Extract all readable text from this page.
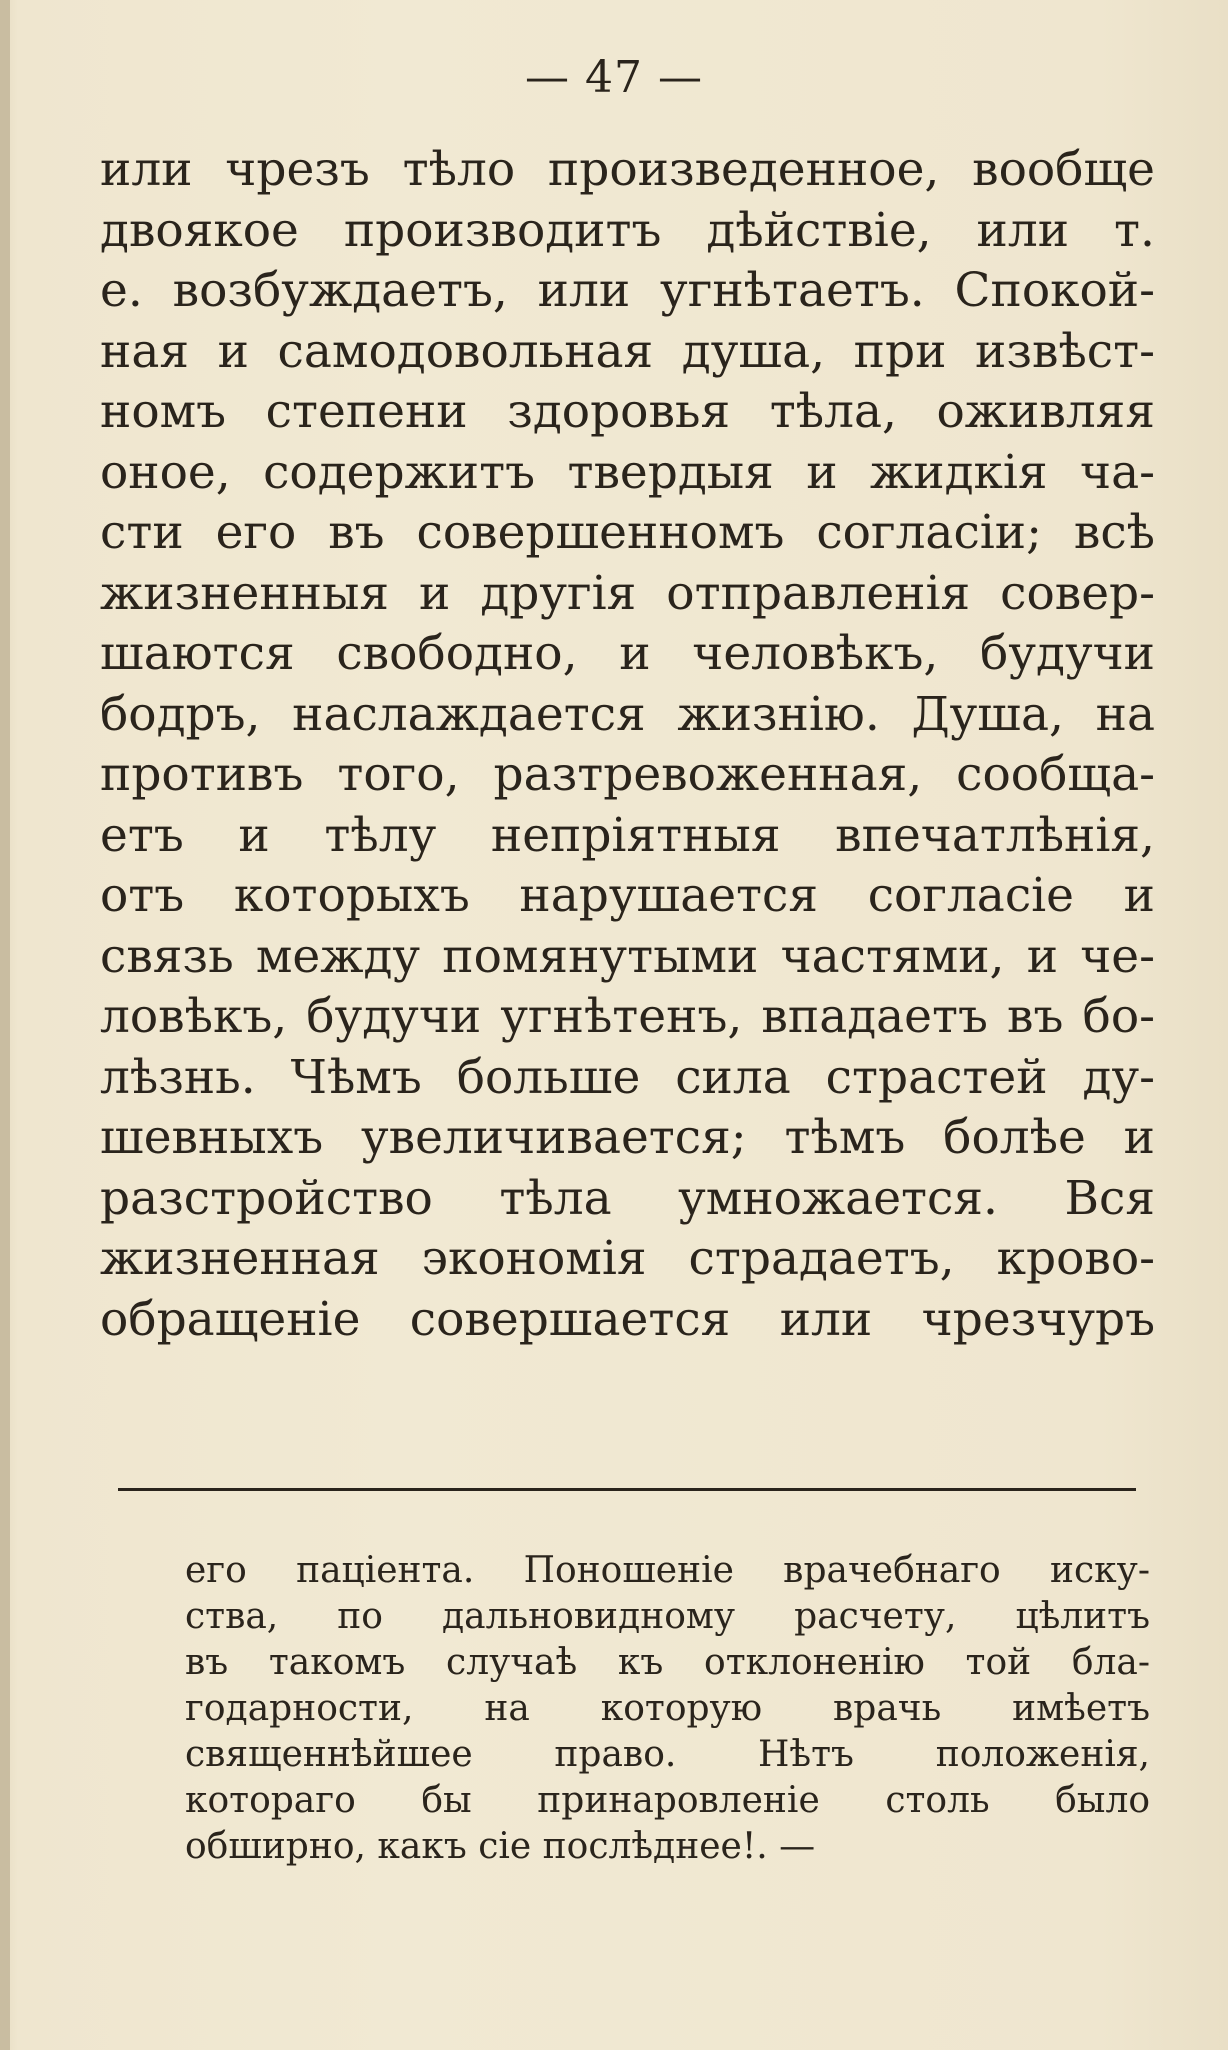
— 47 —
или чрезъ тѣло произведенное, вообще
двоякое производитъ дѣйствіе, или т.
е. возбуждаетъ, или угнѣтаетъ. Спокой-
ная и самодовольная душа, при извѣст-
номъ степени здоровья тѣла, оживляя
оное, содержитъ твердыя и жидкія ча-
сти его въ совершенномъ согласіи; всѣ
жизненныя и другія отправленія совер-
шаются свободно, и человѣкъ, будучи
бодръ, наслаждается жизнію. Душа, на
противъ того, разтревоженная, сообща-
етъ и тѣлу непріятныя впечатлѣнія,
отъ которыхъ нарушается согласіе и
связь между помянутыми частями, и че-
ловѣкъ, будучи угнѣтенъ, впадаетъ въ бо-
лѣзнь. Чѣмъ больше сила страстей ду-
шевныхъ увеличивается; тѣмъ болѣе и
разстройство тѣла умножается. Вся
жизненная экономія страдаетъ, крово-
обращеніе совершается или чрезчуръ
его паціента. Поношеніе врачебнаго иску-
ства, по дальновидному расчету, цѣлитъ
въ такомъ случаѣ къ отклоненію той бла-
годарности, на которую врачь имѣетъ
священнѣйшее право. Нѣтъ положенія,
котораго бы принаровленіе столь было
обширно, какъ сіе послѣднее!. —
